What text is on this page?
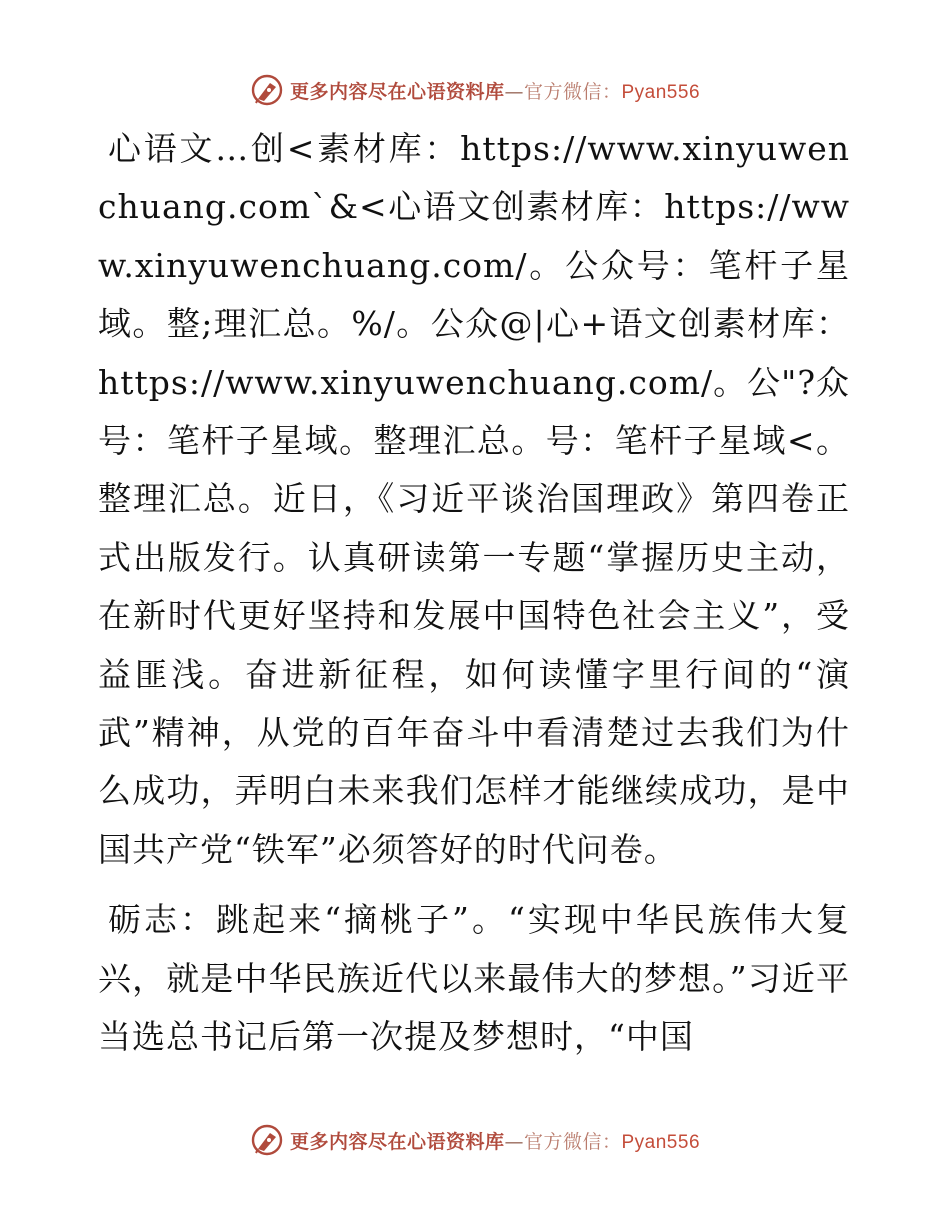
更多内容尽在心语资料库—官方微信：Pyan556

心语文…创<素材库：https://www.xinyuwenchuang.com`&<心语文创素材库：https://www.xinyuwenchuang.com/。公众号：笔杆子星域。整;理汇总。%/。公众@|心+语文创素材库：https://www.xinyuwenchuang.com/。公"?众号：笔杆子星域。整理汇总。号：笔杆子星域<。整理汇总。近日，《习近平谈治国理政》第四卷正式出版发行。认真研读第一专题“掌握历史主动，在新时代更好坚持和发展中国特色社会主义”，受益匪浅。奋进新征程，如何读懂字里行间的“演武”精神，从党的百年奋斗中看清楚过去我们为什么成功，弄明白未来我们怎样才能继续成功，是中国共产党“铁军”必须答好的时代问卷。

砺志：跳起来“摘桃子”。“实现中华民族伟大复兴，就是中华民族近代以来最伟大的梦想。”习近平当选总书记后第一次提及梦想时，“中国

更多内容尽在心语资料库—官方微信：Pyan556
